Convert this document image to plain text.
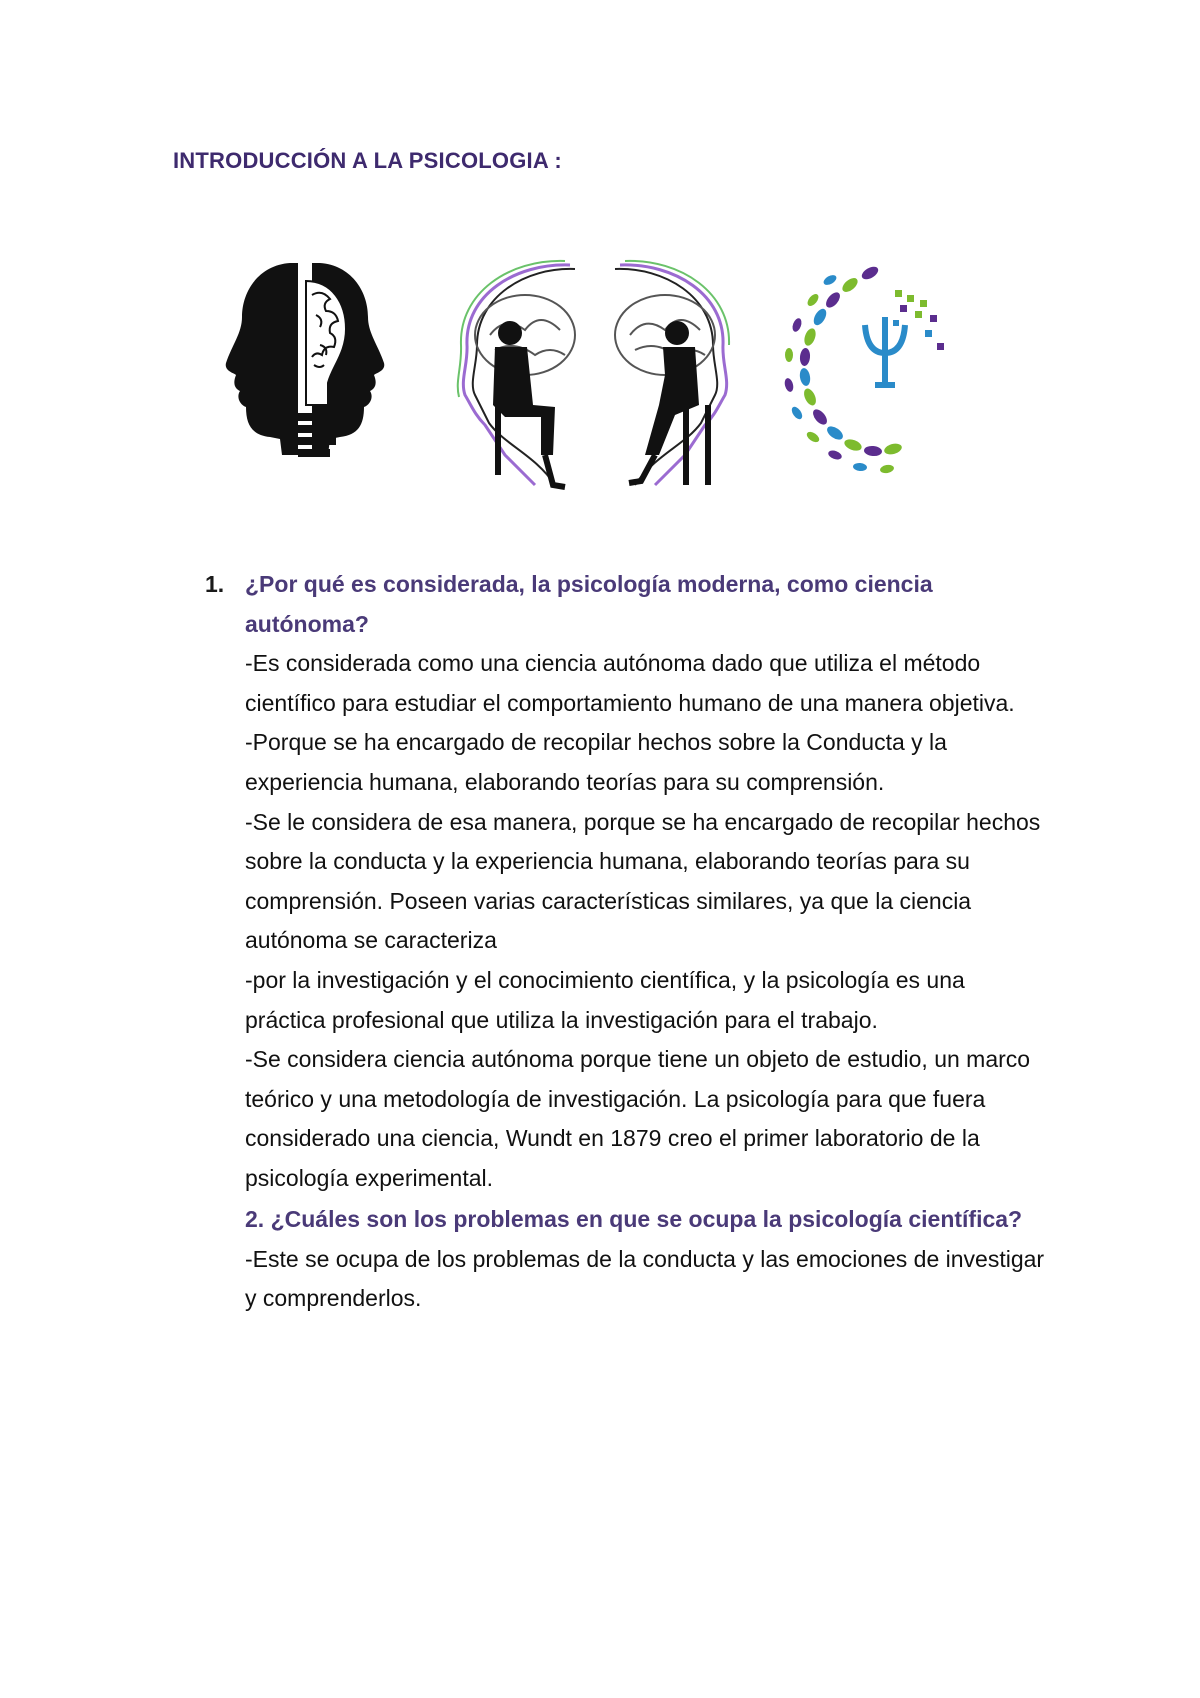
INTRODUCCIÓN A LA PSICOLOGIA :
1. ¿Por qué es considerada, la psicología moderna, como ciencia autónoma?

-Es considerada como una ciencia autónoma dado que utiliza el método científico para estudiar el comportamiento humano de una manera objetiva.

-Porque se ha encargado de recopilar hechos sobre la Conducta y la experiencia humana, elaborando teorías para su comprensión.

-Se le considera de esa manera, porque se ha encargado de recopilar hechos sobre la conducta y la experiencia humana, elaborando teorías para su comprensión. Poseen varias características similares, ya que la ciencia autónoma se caracteriza

-por la investigación y el conocimiento científica, y la psicología es una práctica profesional que utiliza la investigación para el trabajo.

-Se considera ciencia autónoma porque tiene un objeto de estudio, un marco teórico y una metodología de investigación. La psicología para que fuera considerado una ciencia, Wundt en 1879 creo el primer laboratorio de la psicología experimental.

2. ¿Cuáles son los problemas en que se ocupa la psicología científica?

-Este se ocupa de los problemas de la conducta y las emociones de investigar y comprenderlos.
